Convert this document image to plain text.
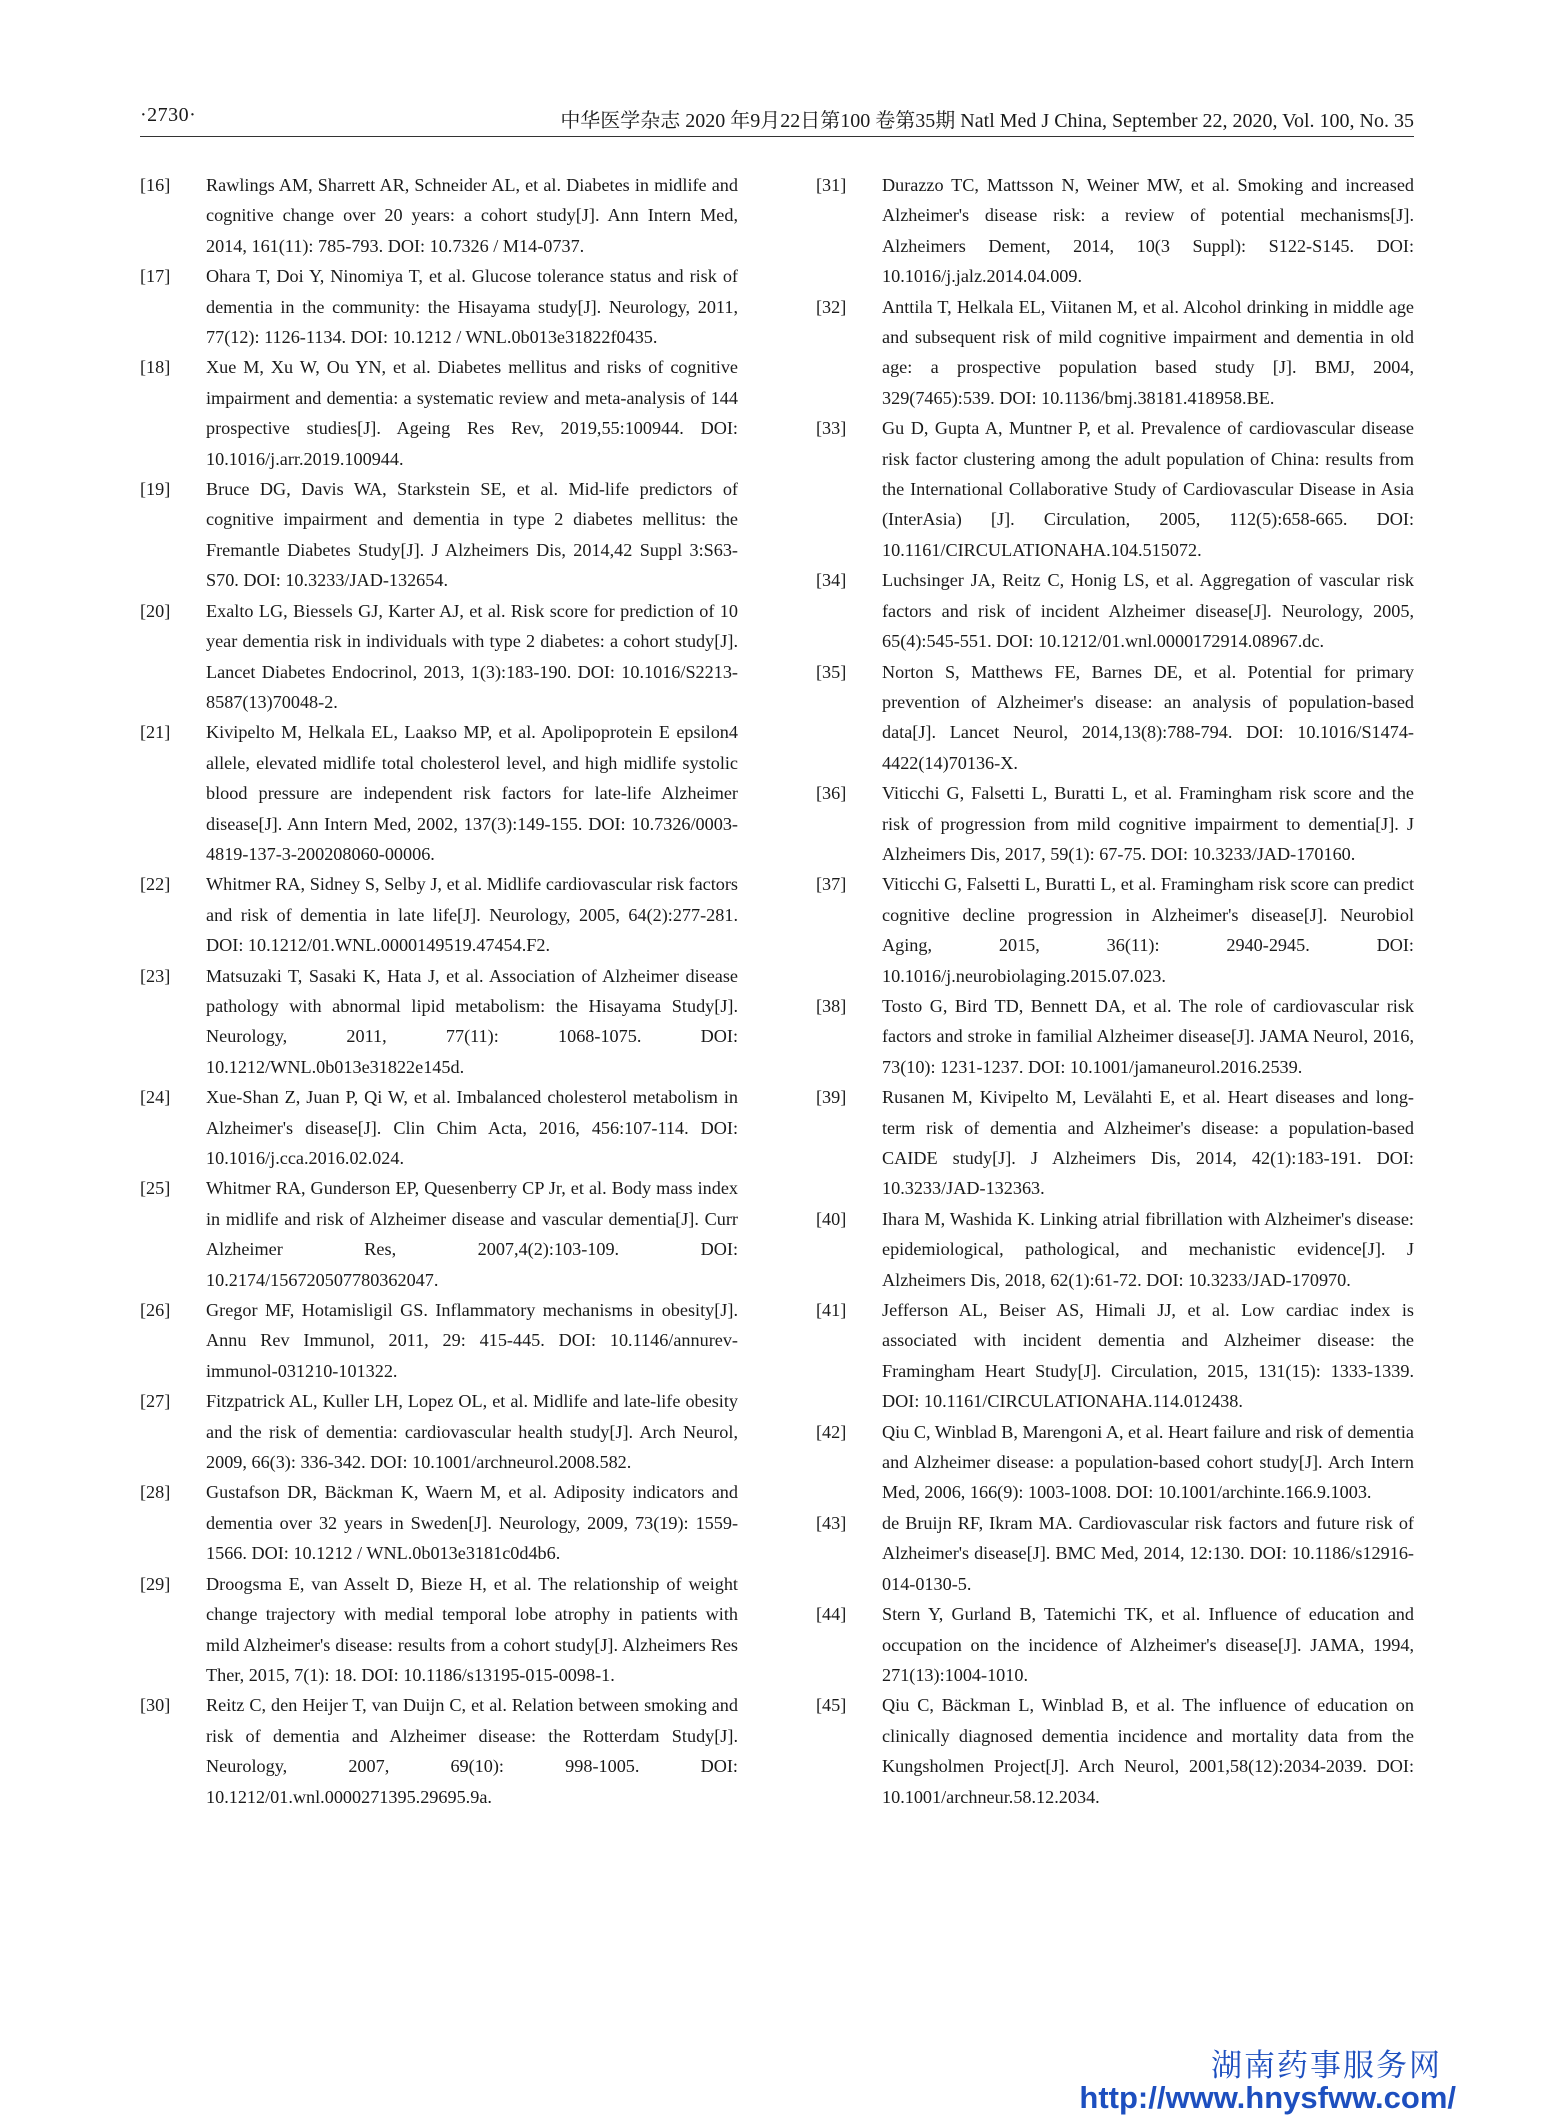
·2730·	中华医学杂志 2020 年9月22日第100 卷第35期 Natl Med J China, September 22, 2020, Vol. 100, No. 35
[16] Rawlings AM, Sharrett AR, Schneider AL, et al. Diabetes in midlife and cognitive change over 20 years: a cohort study[J]. Ann Intern Med, 2014, 161(11): 785-793. DOI: 10.7326 / M14-0737.
[17] Ohara T, Doi Y, Ninomiya T, et al. Glucose tolerance status and risk of dementia in the community: the Hisayama study[J]. Neurology, 2011, 77(12): 1126-1134. DOI: 10.1212 / WNL.0b013e31822f0435.
[18] Xue M, Xu W, Ou YN, et al. Diabetes mellitus and risks of cognitive impairment and dementia: a systematic review and meta-analysis of 144 prospective studies[J]. Ageing Res Rev, 2019,55:100944. DOI: 10.1016/j.arr.2019.100944.
[19] Bruce DG, Davis WA, Starkstein SE, et al. Mid-life predictors of cognitive impairment and dementia in type 2 diabetes mellitus: the Fremantle Diabetes Study[J]. J Alzheimers Dis, 2014,42 Suppl 3:S63-S70. DOI: 10.3233/JAD-132654.
[20] Exalto LG, Biessels GJ, Karter AJ, et al. Risk score for prediction of 10 year dementia risk in individuals with type 2 diabetes: a cohort study[J]. Lancet Diabetes Endocrinol, 2013, 1(3):183-190. DOI: 10.1016/S2213-8587(13)70048-2.
[21] Kivipelto M, Helkala EL, Laakso MP, et al. Apolipoprotein E epsilon4 allele, elevated midlife total cholesterol level, and high midlife systolic blood pressure are independent risk factors for late-life Alzheimer disease[J]. Ann Intern Med, 2002, 137(3):149-155. DOI: 10.7326/0003-4819-137-3-200208060-00006.
[22] Whitmer RA, Sidney S, Selby J, et al. Midlife cardiovascular risk factors and risk of dementia in late life[J]. Neurology, 2005, 64(2):277-281. DOI: 10.1212/01.WNL.0000149519.47454.F2.
[23] Matsuzaki T, Sasaki K, Hata J, et al. Association of Alzheimer disease pathology with abnormal lipid metabolism: the Hisayama Study[J]. Neurology, 2011, 77(11): 1068-1075. DOI: 10.1212/WNL.0b013e31822e145d.
[24] Xue-Shan Z, Juan P, Qi W, et al. Imbalanced cholesterol metabolism in Alzheimer's disease[J]. Clin Chim Acta, 2016, 456:107-114. DOI: 10.1016/j.cca.2016.02.024.
[25] Whitmer RA, Gunderson EP, Quesenberry CP Jr, et al. Body mass index in midlife and risk of Alzheimer disease and vascular dementia[J]. Curr Alzheimer Res, 2007,4(2):103-109. DOI: 10.2174/156720507780362047.
[26] Gregor MF, Hotamisligil GS. Inflammatory mechanisms in obesity[J]. Annu Rev Immunol, 2011, 29: 415-445. DOI: 10.1146/annurev-immunol-031210-101322.
[27] Fitzpatrick AL, Kuller LH, Lopez OL, et al. Midlife and late-life obesity and the risk of dementia: cardiovascular health study[J]. Arch Neurol, 2009, 66(3): 336-342. DOI: 10.1001/archneurol.2008.582.
[28] Gustafson DR, Bäckman K, Waern M, et al. Adiposity indicators and dementia over 32 years in Sweden[J]. Neurology, 2009, 73(19): 1559-1566. DOI: 10.1212 / WNL.0b013e3181c0d4b6.
[29] Droogsma E, van Asselt D, Bieze H, et al. The relationship of weight change trajectory with medial temporal lobe atrophy in patients with mild Alzheimer's disease: results from a cohort study[J]. Alzheimers Res Ther, 2015, 7(1): 18. DOI: 10.1186/s13195-015-0098-1.
[30] Reitz C, den Heijer T, van Duijn C, et al. Relation between smoking and risk of dementia and Alzheimer disease: the Rotterdam Study[J]. Neurology, 2007, 69(10): 998-1005. DOI: 10.1212/01.wnl.0000271395.29695.9a.
[31] Durazzo TC, Mattsson N, Weiner MW, et al. Smoking and increased Alzheimer's disease risk: a review of potential mechanisms[J]. Alzheimers Dement, 2014, 10(3 Suppl): S122-S145. DOI: 10.1016/j.jalz.2014.04.009.
[32] Anttila T, Helkala EL, Viitanen M, et al. Alcohol drinking in middle age and subsequent risk of mild cognitive impairment and dementia in old age: a prospective population based study [J]. BMJ, 2004, 329(7465):539. DOI: 10.1136/bmj.38181.418958.BE.
[33] Gu D, Gupta A, Muntner P, et al. Prevalence of cardiovascular disease risk factor clustering among the adult population of China: results from the International Collaborative Study of Cardiovascular Disease in Asia (InterAsia) [J]. Circulation, 2005, 112(5):658-665. DOI: 10.1161/CIRCULATIONAHA.104.515072.
[34] Luchsinger JA, Reitz C, Honig LS, et al. Aggregation of vascular risk factors and risk of incident Alzheimer disease[J]. Neurology, 2005, 65(4):545-551. DOI: 10.1212/01.wnl.0000172914.08967.dc.
[35] Norton S, Matthews FE, Barnes DE, et al. Potential for primary prevention of Alzheimer's disease: an analysis of population-based data[J]. Lancet Neurol, 2014,13(8):788-794. DOI: 10.1016/S1474-4422(14)70136-X.
[36] Viticchi G, Falsetti L, Buratti L, et al. Framingham risk score and the risk of progression from mild cognitive impairment to dementia[J]. J Alzheimers Dis, 2017, 59(1): 67-75. DOI: 10.3233/JAD-170160.
[37] Viticchi G, Falsetti L, Buratti L, et al. Framingham risk score can predict cognitive decline progression in Alzheimer's disease[J]. Neurobiol Aging, 2015, 36(11): 2940-2945. DOI: 10.1016/j.neurobiolaging.2015.07.023.
[38] Tosto G, Bird TD, Bennett DA, et al. The role of cardiovascular risk factors and stroke in familial Alzheimer disease[J]. JAMA Neurol, 2016, 73(10): 1231-1237. DOI: 10.1001/jamaneurol.2016.2539.
[39] Rusanen M, Kivipelto M, Levälahti E, et al. Heart diseases and long-term risk of dementia and Alzheimer's disease: a population-based CAIDE study[J]. J Alzheimers Dis, 2014, 42(1):183-191. DOI: 10.3233/JAD-132363.
[40] Ihara M, Washida K. Linking atrial fibrillation with Alzheimer's disease: epidemiological, pathological, and mechanistic evidence[J]. J Alzheimers Dis, 2018, 62(1):61-72. DOI: 10.3233/JAD-170970.
[41] Jefferson AL, Beiser AS, Himali JJ, et al. Low cardiac index is associated with incident dementia and Alzheimer disease: the Framingham Heart Study[J]. Circulation, 2015, 131(15): 1333-1339. DOI: 10.1161/CIRCULATIONAHA.114.012438.
[42] Qiu C, Winblad B, Marengoni A, et al. Heart failure and risk of dementia and Alzheimer disease: a population-based cohort study[J]. Arch Intern Med, 2006, 166(9): 1003-1008. DOI: 10.1001/archinte.166.9.1003.
[43] de Bruijn RF, Ikram MA. Cardiovascular risk factors and future risk of Alzheimer's disease[J]. BMC Med, 2014, 12:130. DOI: 10.1186/s12916-014-0130-5.
[44] Stern Y, Gurland B, Tatemichi TK, et al. Influence of education and occupation on the incidence of Alzheimer's disease[J]. JAMA, 1994, 271(13):1004-1010.
[45] Qiu C, Bäckman L, Winblad B, et al. The influence of education on clinically diagnosed dementia incidence and mortality data from the Kungsholmen Project[J]. Arch Neurol, 2001,58(12):2034-2039. DOI: 10.1001/archneur.58.12.2034.
湖南药事服务网
http://www.hnysfww.com/
